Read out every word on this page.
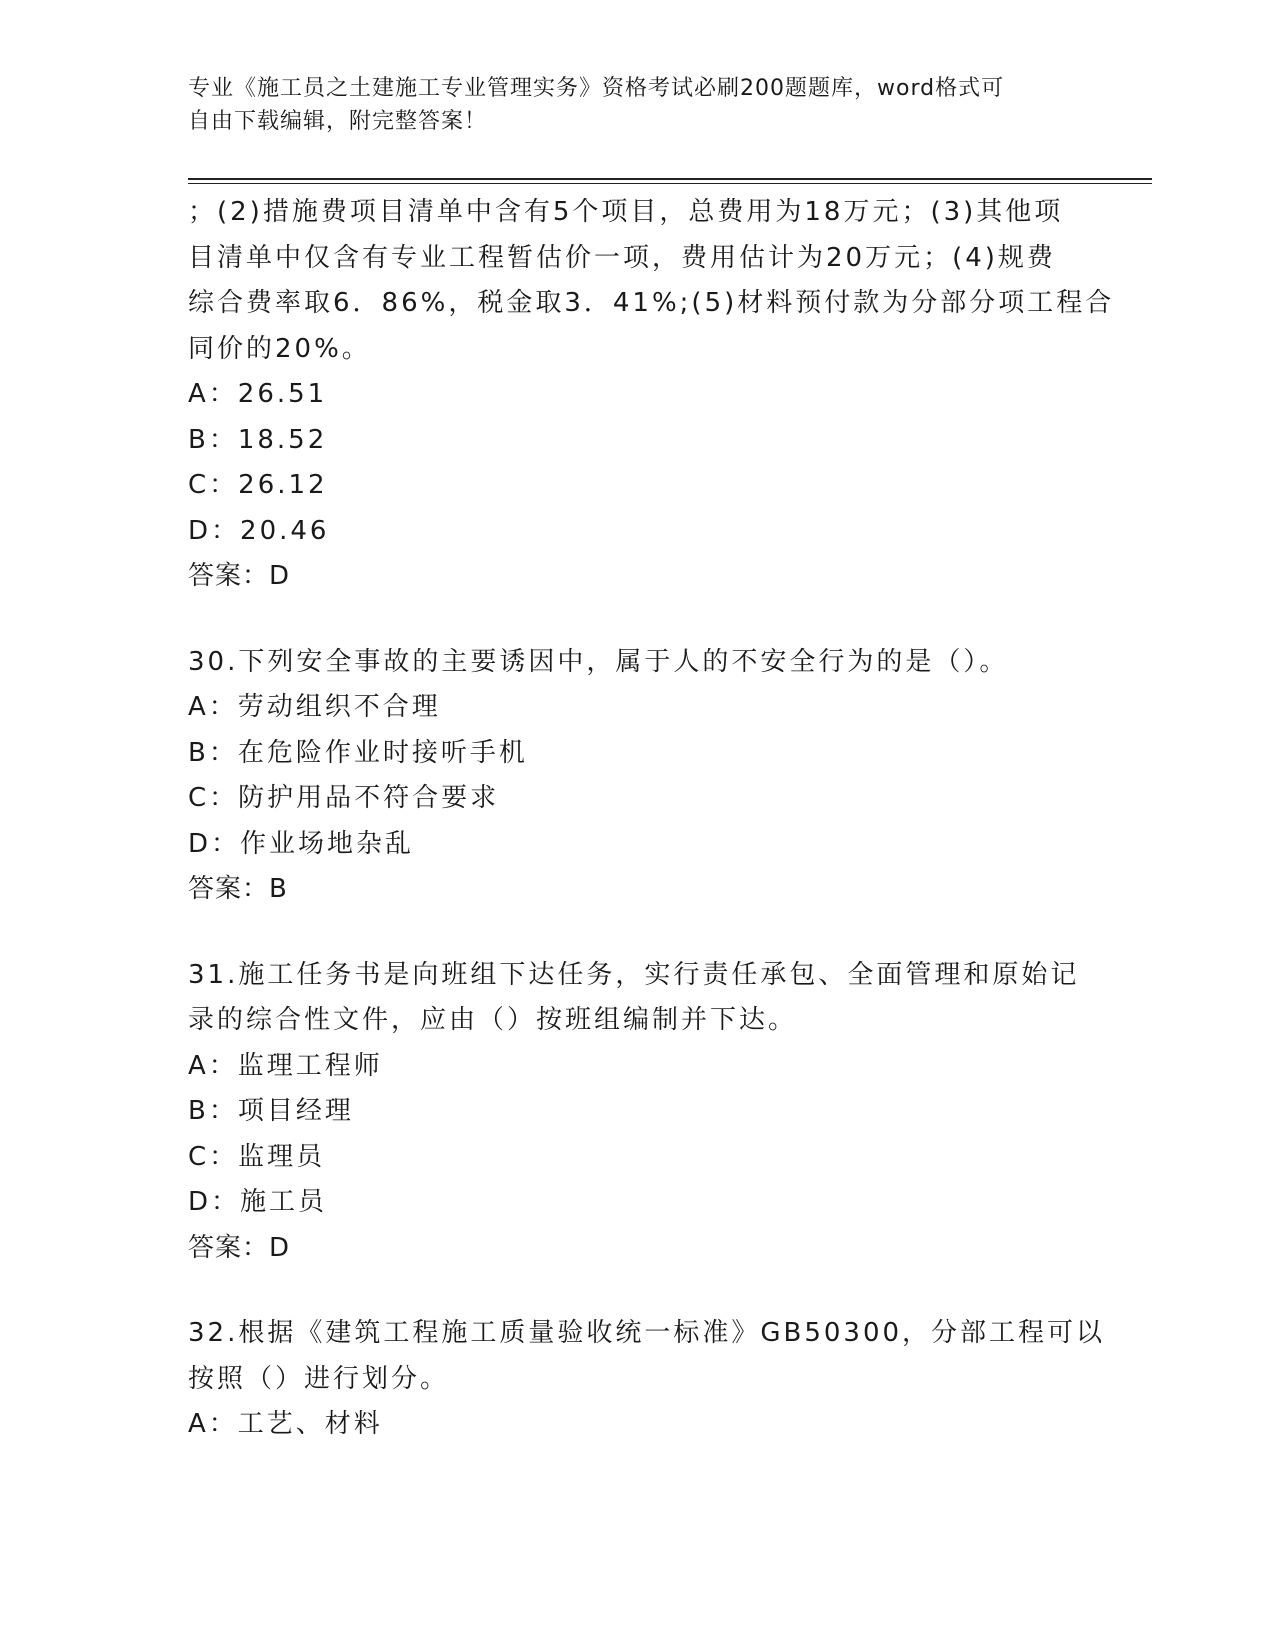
专业《施工员之土建施工专业管理实务》资格考试必刷200题题库，word格式可
自由下载编辑，附完整答案！
；(2)措施费项目清单中含有5个项目，总费用为18万元；(3)其他项
目清单中仅含有专业工程暂估价一项，费用估计为20万元；(4)规费
综合费率取6．86%，税金取3．41%;(5)材料预付款为分部分项工程合
同价的20%。
A：26.51
B：18.52
C：26.12
D：20.46
答案：D
30.下列安全事故的主要诱因中，属于人的不安全行为的是（）。
A：劳动组织不合理
B：在危险作业时接听手机
C：防护用品不符合要求
D：作业场地杂乱
答案：B
31.施工任务书是向班组下达任务，实行责任承包、全面管理和原始记
录的综合性文件，应由（）按班组编制并下达。
A：监理工程师
B：项目经理
C：监理员
D：施工员
答案：D
32.根据《建筑工程施工质量验收统一标准》GB50300，分部工程可以
按照（）进行划分。
A：工艺、材料
